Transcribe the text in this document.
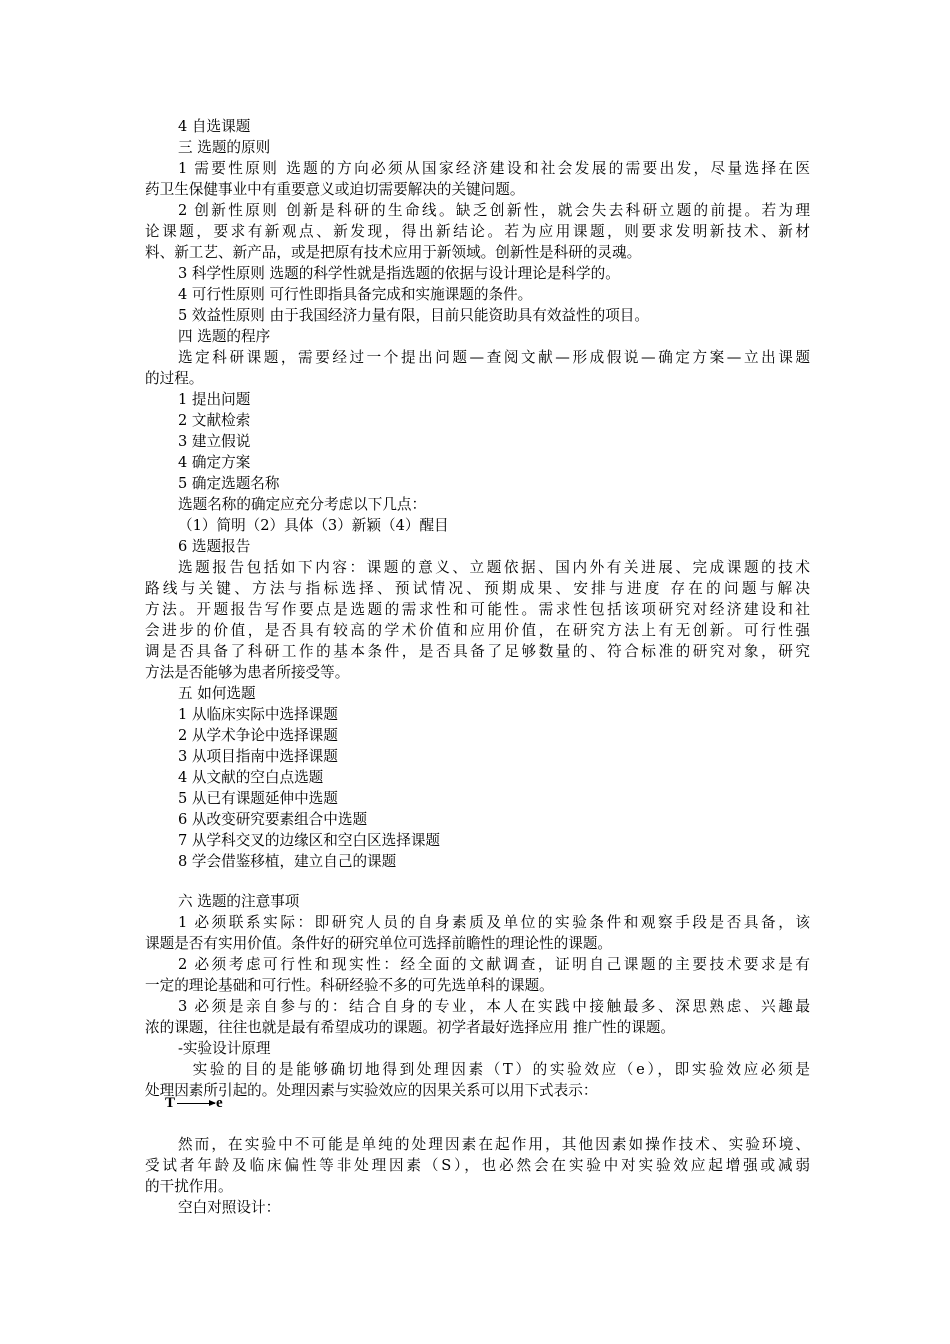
4 自选课题
三 选题的原则
1 需要性原则 选题的方向必须从国家经济建设和社会发展的需要出发，尽量选择在医
药卫生保健事业中有重要意义或迫切需要解决的关键问题。
2 创新性原则 创新是科研的生命线。缺乏创新性，就会失去科研立题的前提。若为理
论课题，要求有新观点、新发现，得出新结论。若为应用课题，则要求发明新技术、新材
料、新工艺、新产品，或是把原有技术应用于新领域。创新性是科研的灵魂。
3 科学性原则 选题的科学性就是指选题的依据与设计理论是科学的。
4 可行性原则 可行性即指具备完成和实施课题的条件。
5 效益性原则 由于我国经济力量有限，目前只能资助具有效益性的项目。
四 选题的程序
选定科研课题，需要经过一个提出问题—查阅文献—形成假说—确定方案—立出课题
的过程。
1 提出问题
2 文献检索
3 建立假说
4 确定方案
5 确定选题名称
选题名称的确定应充分考虑以下几点：
（1）简明（2）具体（3）新颖（4）醒目
6 选题报告
选题报告包括如下内容：课题的意义、立题依据、国内外有关进展、完成课题的技术
路线与关键、方法与指标选择、预试情况、预期成果、安排与进度 存在的问题与解决
方法。开题报告写作要点是选题的需求性和可能性。需求性包括该项研究对经济建设和社
会进步的价值，是否具有较高的学术价值和应用价值，在研究方法上有无创新。可行性强
调是否具备了科研工作的基本条件，是否具备了足够数量的、符合标准的研究对象，研究
方法是否能够为患者所接受等。
五 如何选题
1 从临床实际中选择课题
2 从学术争论中选择课题
3 从项目指南中选择课题
4 从文献的空白点选题
5 从已有课题延伸中选题
6 从改变研究要素组合中选题
7 从学科交叉的边缘区和空白区选择课题
8 学会借鉴移植，建立自己的课题
六 选题的注意事项
1 必须联系实际：即研究人员的自身素质及单位的实验条件和观察手段是否具备，该
课题是否有实用价值。条件好的研究单位可选择前瞻性的理论性的课题。
2 必须考虑可行性和现实性：经全面的文献调查，证明自己课题的主要技术要求是有
一定的理论基础和可行性。科研经验不多的可先选单科的课题。
3 必须是亲自参与的：结合自身的专业，本人在实践中接触最多、深思熟虑、兴趣最
浓的课题，往往也就是最有希望成功的课题。初学者最好选择应用 推广性的课题。
-实验设计原理
实验的目的是能够确切地得到处理因素（T）的实验效应（e），即实验效应必须是
处理因素所引起的。处理因素与实验效应的因果关系可以用下式表示：
T	e
然而，在实验中不可能是单纯的处理因素在起作用，其他因素如操作技术、实验环境、
受试者年龄及临床偏性等非处理因素（S），也必然会在实验中对实验效应起增强或减弱
的干扰作用。
空白对照设计：
